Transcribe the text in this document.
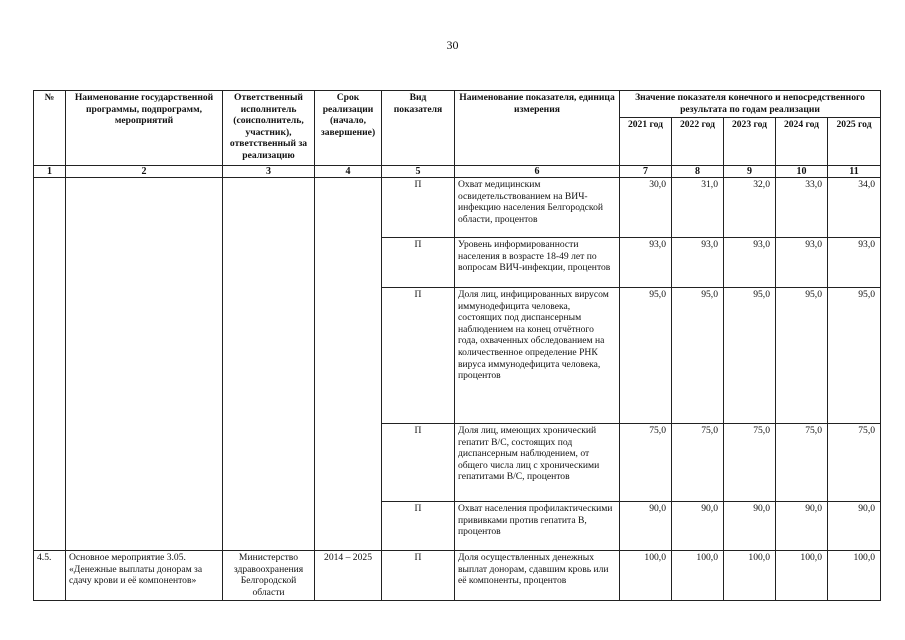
30
№	Наименование государственной программы, подпрограмм, мероприятий	Ответственный исполнитель (соисполнитель, участник), ответственный за реализацию	Срок реализации (начало, завершение)	Вид показателя	Наименование показателя, единица измерения	Значение показателя конечного и непосредственного результата по годам реализации				
						2021 год	2022 год	2023 год	2024 год	2025 год
1	2	3	4	5	6	7	8	9	10	11
				П	Охват медицинским освидетельствованием на ВИЧ-инфекцию населения Белгородской области, процентов	30,0	31,0	32,0	33,0	34,0
				П	Уровень информированности населения в возрасте 18-49 лет по вопросам ВИЧ-инфекции, процентов	93,0	93,0	93,0	93,0	93,0
				П	Доля лиц, инфицированных вирусом иммунодефицита человека, состоящих под диспансерным наблюдением на конец отчётного года, охваченных обследованием на количественное определение РНК вируса иммунодефицита человека, процентов	95,0	95,0	95,0	95,0	95,0
				П	Доля лиц, имеющих хронический гепатит В/С, состоящих под диспансерным наблюдением, от общего числа лиц с хроническими гепатитами В/С, процентов	75,0	75,0	75,0	75,0	75,0
				П	Охват населения профилактическими прививками против гепатита В, процентов	90,0	90,0	90,0	90,0	90,0
4.5.	Основное мероприятие 3.05. «Денежные выплаты донорам за сдачу крови и её компонентов»	Министерство здравоохранения Белгородской области	2014 – 2025	П	Доля осуществленных денежных выплат донорам, сдавшим кровь или её компоненты, процентов	100,0	100,0	100,0	100,0	100,0
